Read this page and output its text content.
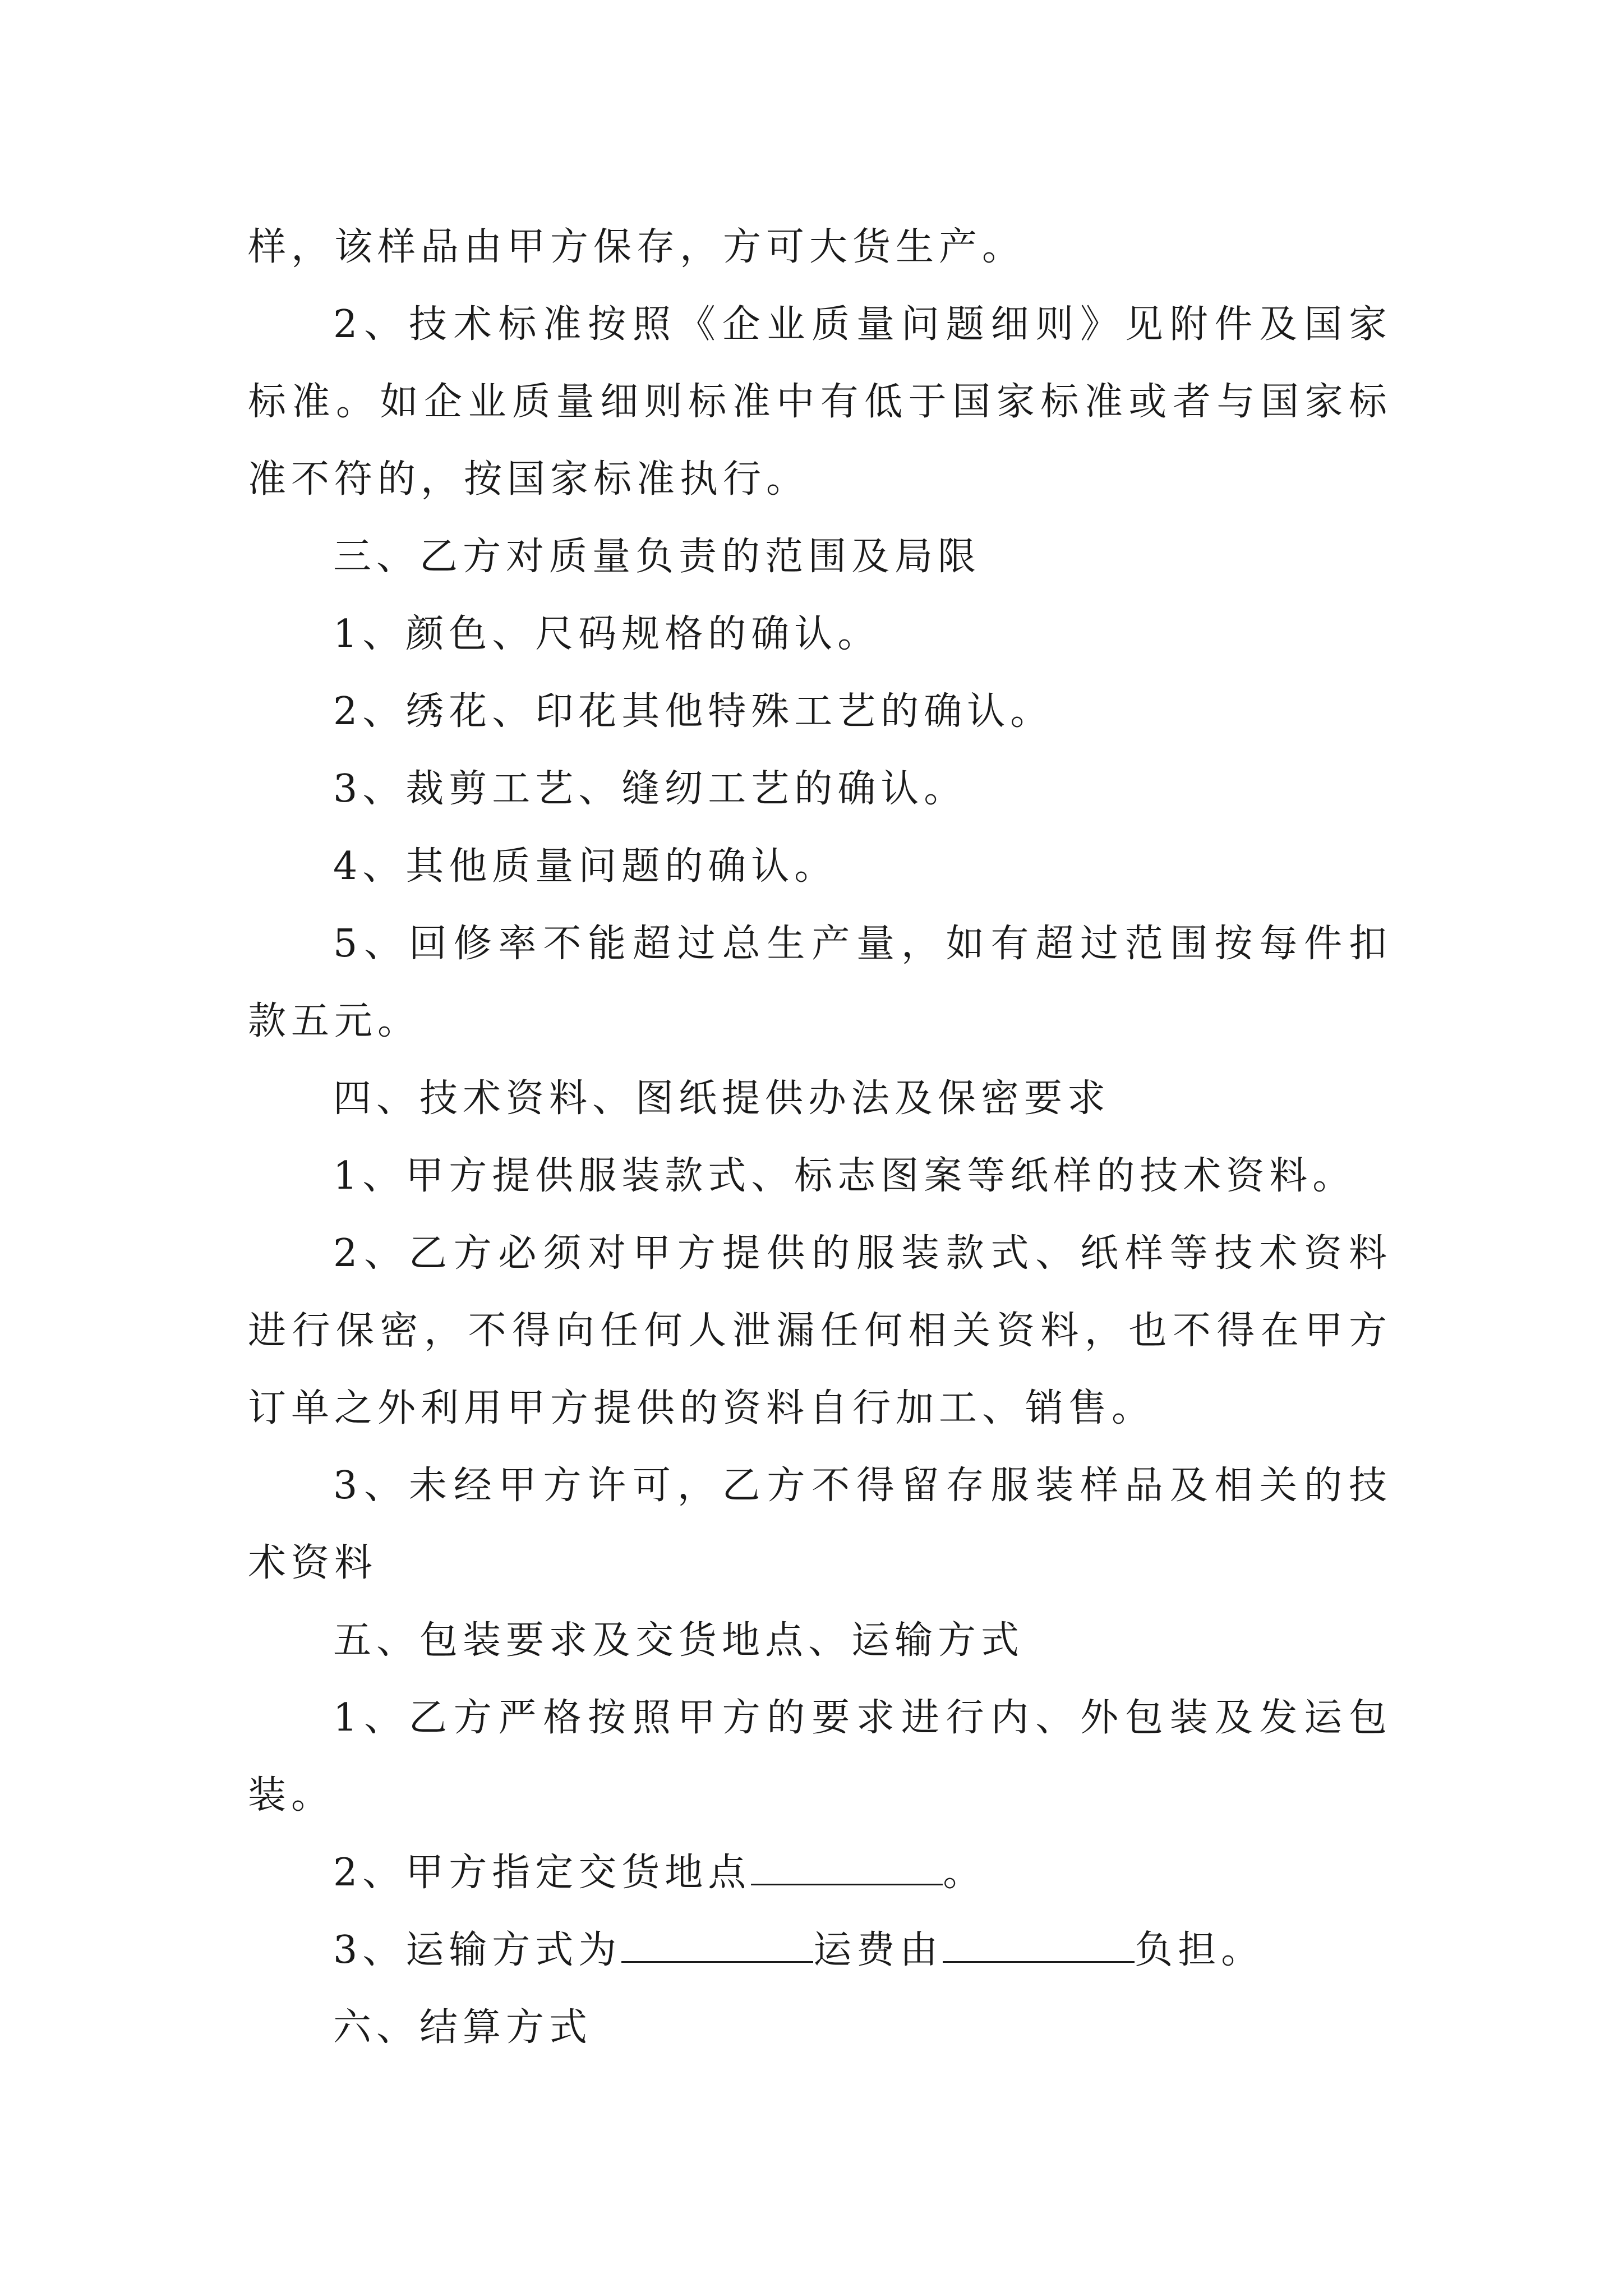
样，该样品由甲方保存，方可大货生产。

2、技术标准按照《企业质量问题细则》见附件及国家标准。如企业质量细则标准中有低于国家标准或者与国家标准不符的，按国家标准执行。

三、乙方对质量负责的范围及局限

1、颜色、尺码规格的确认。

2、绣花、印花其他特殊工艺的确认。

3、裁剪工艺、缝纫工艺的确认。

4、其他质量问题的确认。

5、回修率不能超过总生产量，如有超过范围按每件扣款五元。

四、技术资料、图纸提供办法及保密要求

1、甲方提供服装款式、标志图案等纸样的技术资料。

2、乙方必须对甲方提供的服装款式、纸样等技术资料进行保密，不得向任何人泄漏任何相关资料，也不得在甲方订单之外利用甲方提供的资料自行加工、销售。

3、未经甲方许可，乙方不得留存服装样品及相关的技术资料

五、包装要求及交货地点、运输方式

1、乙方严格按照甲方的要求进行内、外包装及发运包装。

2、甲方指定交货地点	。

3、运输方式为	运费由	负担。

六、结算方式
